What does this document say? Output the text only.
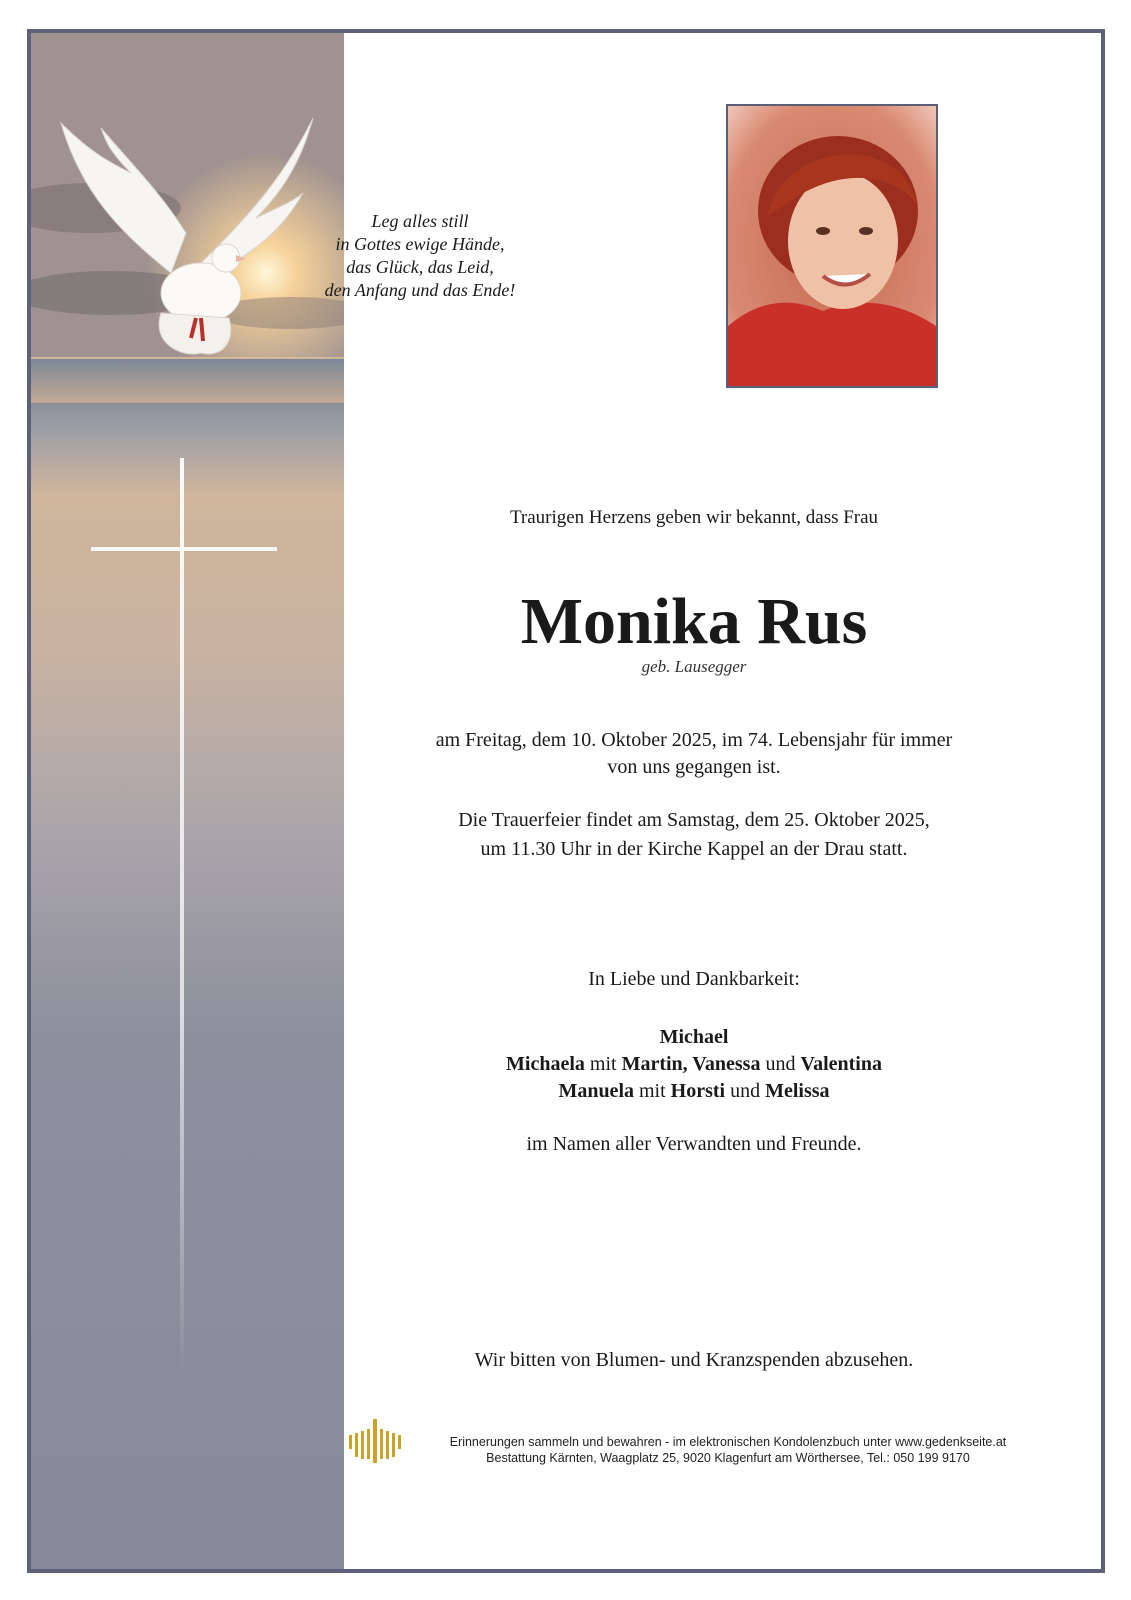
Leg alles still
in Gottes ewige Hände,
das Glück, das Leid,
den Anfang und das Ende!
Traurigen Herzens geben wir bekannt, dass Frau
Monika Rus
geb. Lausegger
am Freitag, dem 10. Oktober 2025, im 74. Lebensjahr für immer
von uns gegangen ist.
Die Trauerfeier findet am Samstag, dem 25. Oktober 2025,
um 11.30 Uhr in der Kirche Kappel an der Drau statt.
In Liebe und Dankbarkeit:
Michael
Michaela mit Martin, Vanessa und Valentina
Manuela mit Horsti und Melissa
im Namen aller Verwandten und Freunde.
Wir bitten von Blumen- und Kranzspenden abzusehen.
Erinnerungen sammeln und bewahren - im elektronischen Kondolenzbuch unter www.gedenkseite.at
Bestattung Kärnten, Waagplatz 25, 9020 Klagenfurt am Wörthersee, Tel.: 050 199 9170
